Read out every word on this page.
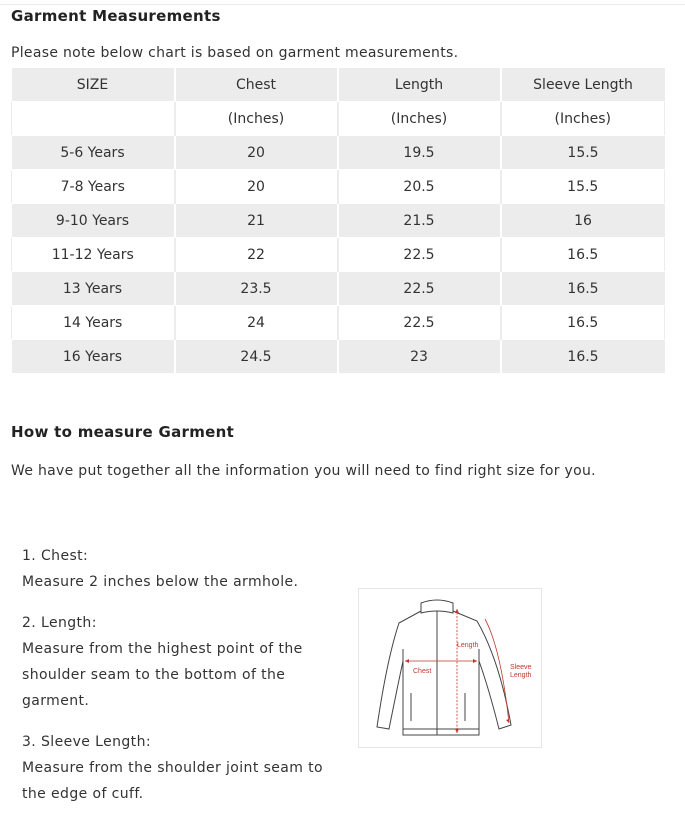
Garment Measurements
Please note below chart is based on garment measurements.
SIZE	Chest	Length	Sleeve Length
	(Inches)	(Inches)	(Inches)
5-6 Years	20	19.5	15.5
7-8 Years	20	20.5	15.5
9-10 Years	21	21.5	16
11-12 Years	22	22.5	16.5
13 Years	23.5	22.5	16.5
14 Years	24	22.5	16.5
16 Years	24.5	23	16.5
How to measure Garment
We have put together all the information you will need to find right size for you.
1. Chest:
Measure 2 inches below the armhole.
2. Length:
Measure from the highest point of the shoulder seam to the bottom of the garment.
3. Sleeve Length:
Measure from the shoulder joint seam to the edge of cuff.
Chest
Length
Sleeve
Length
